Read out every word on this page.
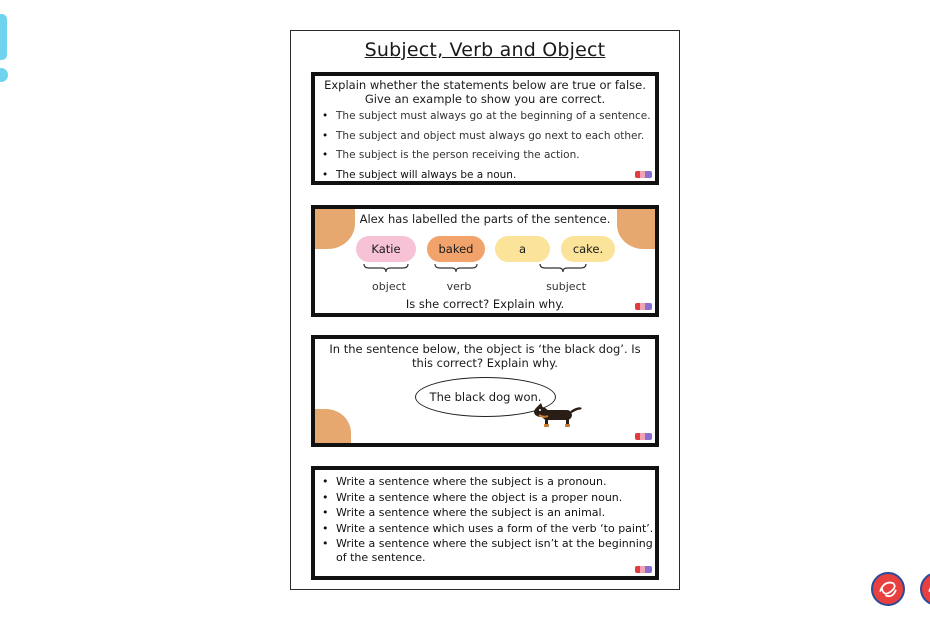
Subject, Verb and Object
Explain whether the statements below are true or false. Give an example to show you are correct.
• The subject must always go at the beginning of a sentence.
• The subject and object must always go next to each other.
• The subject is the person receiving the action.
• The subject will always be a noun.
Alex has labelled the parts of the sentence.
Katie	baked	a	cake.
object	verb	subject
Is she correct? Explain why.
In the sentence below, the object is ‘the black dog’. Is this correct? Explain why.
The black dog won.
• Write a sentence where the subject is a pronoun.
• Write a sentence where the object is a proper noun.
• Write a sentence where the subject is an animal.
• Write a sentence which uses a form of the verb ‘to paint’.
• Write a sentence where the subject isn’t at the beginning of the sentence.
